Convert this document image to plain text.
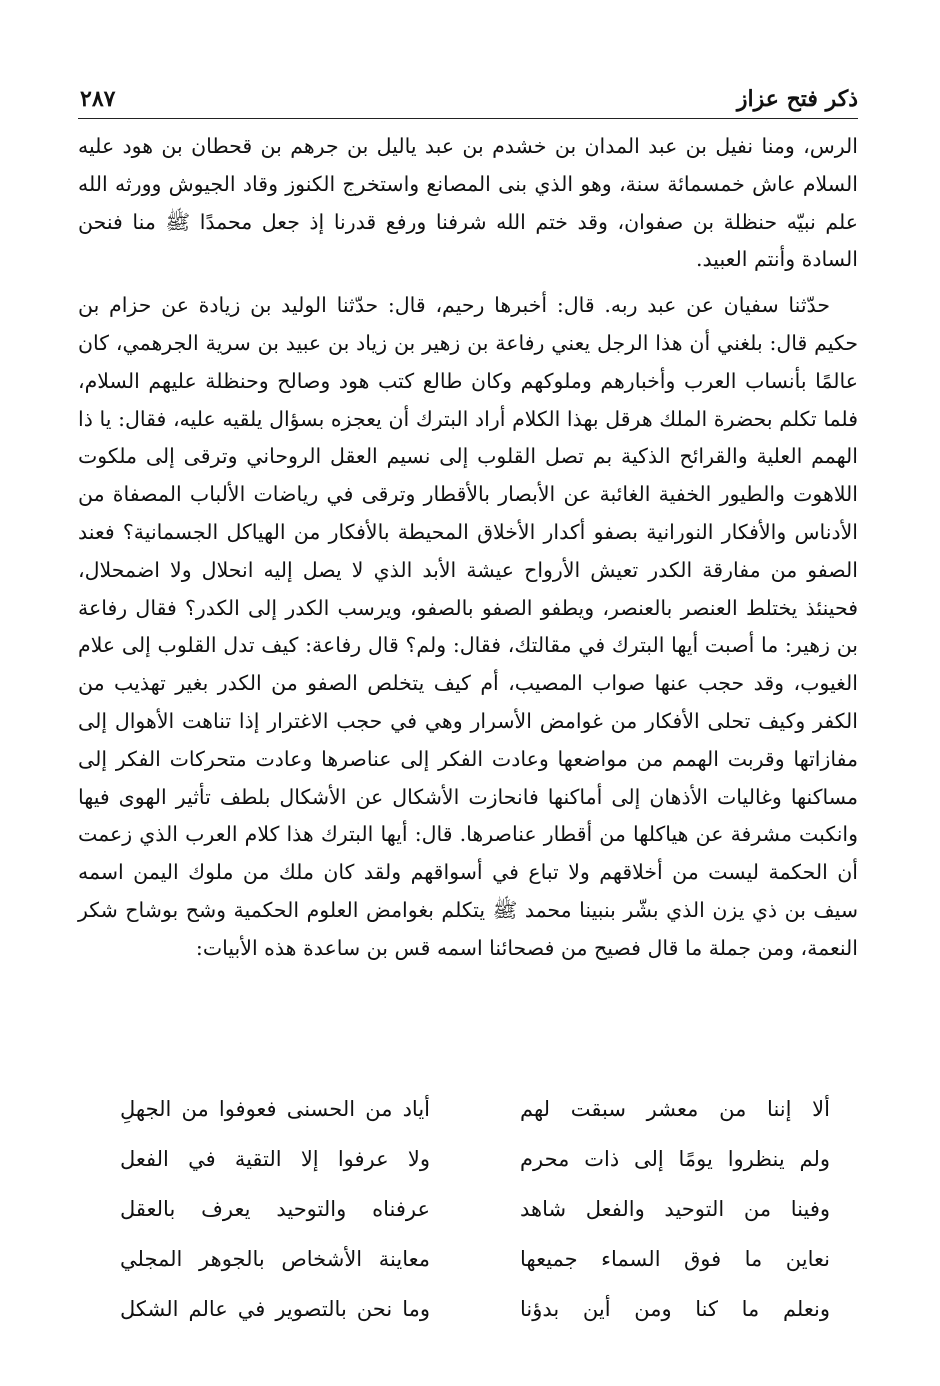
ذكر فتح عزاز
٢٨٧

الرس، ومنا نفيل بن عبد المدان بن خشدم بن عبد ياليل بن جرهم بن قحطان بن هود عليه السلام عاش خمسمائة سنة، وهو الذي بنى المصانع واستخرج الكنوز وقاد الجيوش وورثه الله علم نبيّه حنظلة بن صفوان، وقد ختم الله شرفنا ورفع قدرنا إذ جعل محمدًا ﷺ منا فنحن السادة وأنتم العبيد.

حدّثنا سفيان عن عبد ربه. قال: أخبرها رحيم، قال: حدّثنا الوليد بن زيادة عن حزام بن حكيم قال: بلغني أن هذا الرجل يعني رفاعة بن زهير بن زياد بن عبيد بن سرية الجرهمي، كان عالمًا بأنساب العرب وأخبارهم وملوكهم وكان طالع كتب هود وصالح وحنظلة عليهم السلام، فلما تكلم بحضرة الملك هرقل بهذا الكلام أراد البترك أن يعجزه بسؤال يلقيه عليه، فقال: يا ذا الهمم العلية والقرائح الذكية بم تصل القلوب إلى نسيم العقل الروحاني وترقى إلى ملكوت اللاهوت والطيور الخفية الغائبة عن الأبصار بالأقطار وترقى في رياضات الألباب المصفاة من الأدناس والأفكار النورانية بصفو أكدار الأخلاق المحيطة بالأفكار من الهياكل الجسمانية؟ فعند الصفو من مفارقة الكدر تعيش الأرواح عيشة الأبد الذي لا يصل إليه انحلال ولا اضمحلال، فحينئذ يختلط العنصر بالعنصر، ويطفو الصفو بالصفو، ويرسب الكدر إلى الكدر؟ فقال رفاعة بن زهير: ما أصبت أيها البترك في مقالتك، فقال: ولم؟ قال رفاعة: كيف تدل القلوب إلى علام الغيوب، وقد حجب عنها صواب المصيب، أم كيف يتخلص الصفو من الكدر بغير تهذيب من الكفر وكيف تحلى الأفكار من غوامض الأسرار وهي في حجب الاغترار إذا تناهت الأهوال إلى مفازاتها وقربت الهمم من مواضعها وعادت الفكر إلى عناصرها وعادت متحركات الفكر إلى مساكنها وغاليات الأذهان إلى أماكنها فانحازت الأشكال عن الأشكال بلطف تأثير الهوى فيها وانكبت مشرفة عن هياكلها من أقطار عناصرها. قال: أيها البترك هذا كلام العرب الذي زعمت أن الحكمة ليست من أخلاقهم ولا تباع في أسواقهم ولقد كان ملك من ملوك اليمن اسمه سيف بن ذي يزن الذي بشّر بنبينا محمد ﷺ يتكلم بغوامض العلوم الحكمية وشح بوشاح شكر النعمة، ومن جملة ما قال فصيح من فصحائنا اسمه قس بن ساعدة هذه الأبيات:

ألا إننا من معشر سبقت لهم
أياد من الحسنى فعوفوا من الجهلِ
ولم ينظروا يومًا إلى ذات محرم
ولا عرفوا إلا التقية في الفعل
وفينا من التوحيد والفعل شاهد
عرفناه والتوحيد يعرف بالعقل
نعاين ما فوق السماء جميعها
معاينة الأشخاص بالجوهر المجلي
ونعلم ما كنا ومن أين بدؤنا
وما نحن بالتصوير في عالم الشكل
